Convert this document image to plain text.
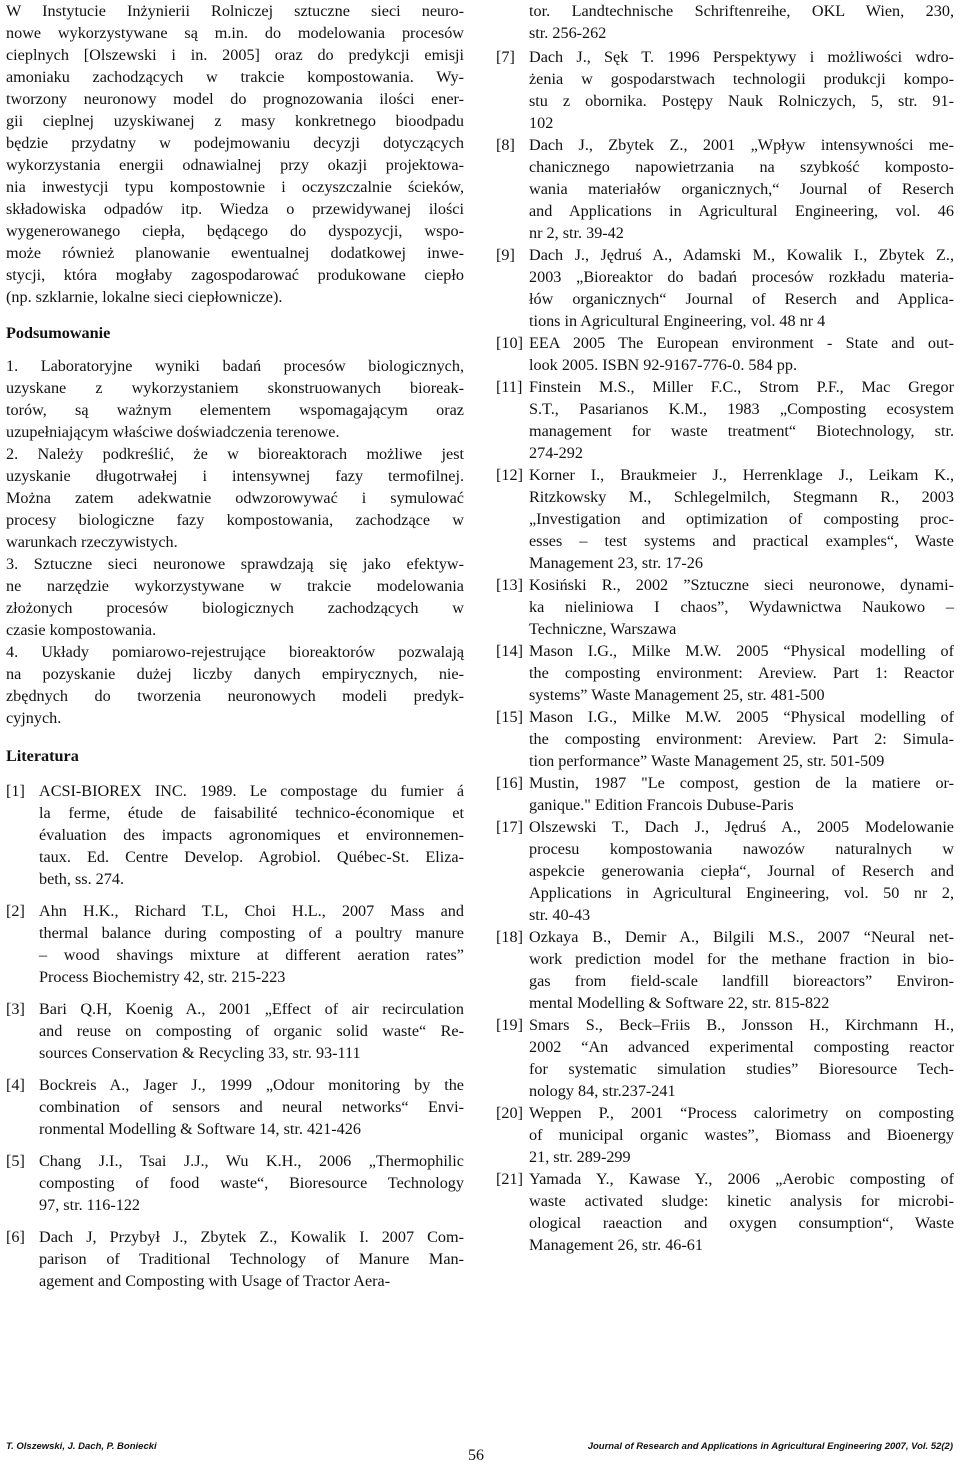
W Instytucie Inżynierii Rolniczej sztuczne sieci neuro-
nowe wykorzystywane są m.in. do modelowania procesów
cieplnych [Olszewski i in. 2005] oraz do predykcji emisji
amoniaku zachodzących w trakcie kompostowania. Wy-
tworzony neuronowy model do prognozowania ilości ener-
gii cieplnej uzyskiwanej z masy konkretnego bioodpadu
będzie przydatny w podejmowaniu decyzji dotyczących
wykorzystania energii odnawialnej przy okazji projektowa-
nia inwestycji typu kompostownie i oczyszczalnie ścieków,
składowiska odpadów itp. Wiedza o przewidywanej ilości
wygenerowanego ciepła, będącego do dyspozycji, wspo-
może również planowanie ewentualnej dodatkowej inwe-
stycji, która mogłaby zagospodarować produkowane ciepło
(np. szklarnie, lokalne sieci ciepłownicze).
Podsumowanie
1. Laboratoryjne wyniki badań procesów biologicznych,
uzyskane z wykorzystaniem skonstruowanych bioreak-
torów, są ważnym elementem wspomagającym oraz
uzupełniającym właściwe doświadczenia terenowe.
2. Należy podkreślić, że w bioreaktorach możliwe jest
uzyskanie długotrwałej i intensywnej fazy termofilnej.
Można zatem adekwatnie odwzorowywać i symulować
procesy biologiczne fazy kompostowania, zachodzące w
warunkach rzeczywistych.
3. Sztuczne sieci neuronowe sprawdzają się jako efektyw-
ne narzędzie wykorzystywane w trakcie modelowania
złożonych procesów biologicznych zachodzących w
czasie kompostowania.
4. Układy pomiarowo-rejestrujące bioreaktorów pozwalają
na pozyskanie dużej liczby danych empirycznych, nie-
zbędnych do tworzenia neuronowych modeli predyk-
cyjnych.
Literatura
[1] ACSI-BIOREX INC. 1989. Le compostage du fumier á
la ferme, étude de faisabilité technico-économique et
évaluation des impacts agronomiques et environnemen-
taux. Ed. Centre Develop. Agrobiol. Québec-St. Eliza-
beth, ss. 274.
[2] Ahn H.K., Richard T.L, Choi H.L., 2007 Mass and
thermal balance during composting of a poultry manure
– wood shavings mixture at different aeration rates”
Process Biochemistry 42, str. 215-223
[3] Bari Q.H, Koenig A., 2001 „Effect of air recirculation
and reuse on composting of organic solid waste“ Re-
sources Conservation & Recycling 33, str. 93-111
[4] Bockreis A., Jager J., 1999 „Odour monitoring by the
combination of sensors and neural networks“ Envi-
ronmental Modelling & Software 14, str. 421-426
[5] Chang J.I., Tsai J.J., Wu K.H., 2006 „Thermophilic
composting of food waste“, Bioresource Technology
97, str. 116-122
[6] Dach J, Przybył J., Zbytek Z., Kowalik I. 2007 Com-
parison of Traditional Technology of Manure Man-
agement and Composting with Usage of Tractor Aera-
tor. Landtechnische Schriftenreihe, OKL Wien, 230,
str. 256-262
[7] Dach J., Sęk T. 1996 Perspektywy i możliwości wdro-
żenia w gospodarstwach technologii produkcji kompo-
stu z obornika. Postępy Nauk Rolniczych, 5, str. 91-
102
[8] Dach J., Zbytek Z., 2001 „Wpływ intensywności me-
chanicznego napowietrzania na szybkość komposto-
wania materiałów organicznych,“ Journal of Reserch
and Applications in Agricultural Engineering, vol. 46
nr 2, str. 39-42
[9] Dach J., Jędruś A., Adamski M., Kowalik I., Zbytek Z.,
2003 „Bioreaktor do badań procesów rozkładu materia-
łów organicznych“ Journal of Reserch and Applica-
tions in Agricultural Engineering, vol. 48 nr 4
[10] EEA 2005 The European environment - State and out-
look 2005. ISBN 92-9167-776-0. 584 pp.
[11] Finstein M.S., Miller F.C., Strom P.F., Mac Gregor
S.T., Pasarianos K.M., 1983 „Composting ecosystem
management for waste treatment“ Biotechnology, str.
274-292
[12] Korner I., Braukmeier J., Herrenklage J., Leikam K.,
Ritzkowsky M., Schlegelmilch, Stegmann R., 2003
„Investigation and optimization of composting proc-
esses – test systems and practical examples“, Waste
Management 23, str. 17-26
[13] Kosiński R., 2002 ”Sztuczne sieci neuronowe, dynami-
ka nieliniowa I chaos”, Wydawnictwa Naukowo –
Techniczne, Warszawa
[14] Mason I.G., Milke M.W. 2005 “Physical modelling of
the composting environment: Areview. Part 1: Reactor
systems” Waste Management 25, str. 481-500
[15] Mason I.G., Milke M.W. 2005 “Physical modelling of
the composting environment: Areview. Part 2: Simula-
tion performance” Waste Management 25, str. 501-509
[16] Mustin, 1987 "Le compost, gestion de la matiere or-
ganique." Edition Francois Dubuse-Paris
[17] Olszewski T., Dach J., Jędruś A., 2005 Modelowanie
procesu kompostowania nawozów naturalnych w
aspekcie generowania ciepła“, Journal of Reserch and
Applications in Agricultural Engineering, vol. 50 nr 2,
str. 40-43
[18] Ozkaya B., Demir A., Bilgili M.S., 2007 “Neural net-
work prediction model for the methane fraction in bio-
gas from field-scale landfill bioreactors” Environ-
mental Modelling & Software 22, str. 815-822
[19] Smars S., Beck–Friis B., Jonsson H., Kirchmann H.,
2002 “An advanced experimental composting reactor
for systematic simulation studies” Bioresource Tech-
nology 84, str.237-241
[20] Weppen P., 2001 “Process calorimetry on composting
of municipal organic wastes”, Biomass and Bioenergy
21, str. 289-299
[21] Yamada Y., Kawase Y., 2006 „Aerobic composting of
waste activated sludge: kinetic analysis for microbi-
ological raeaction and oxygen consumption“, Waste
Management 26, str. 46-61
T. Olszewski, J. Dach, P. Boniecki
56
Journal of Research and Applications in Agricultural Engineering 2007, Vol. 52(2)
